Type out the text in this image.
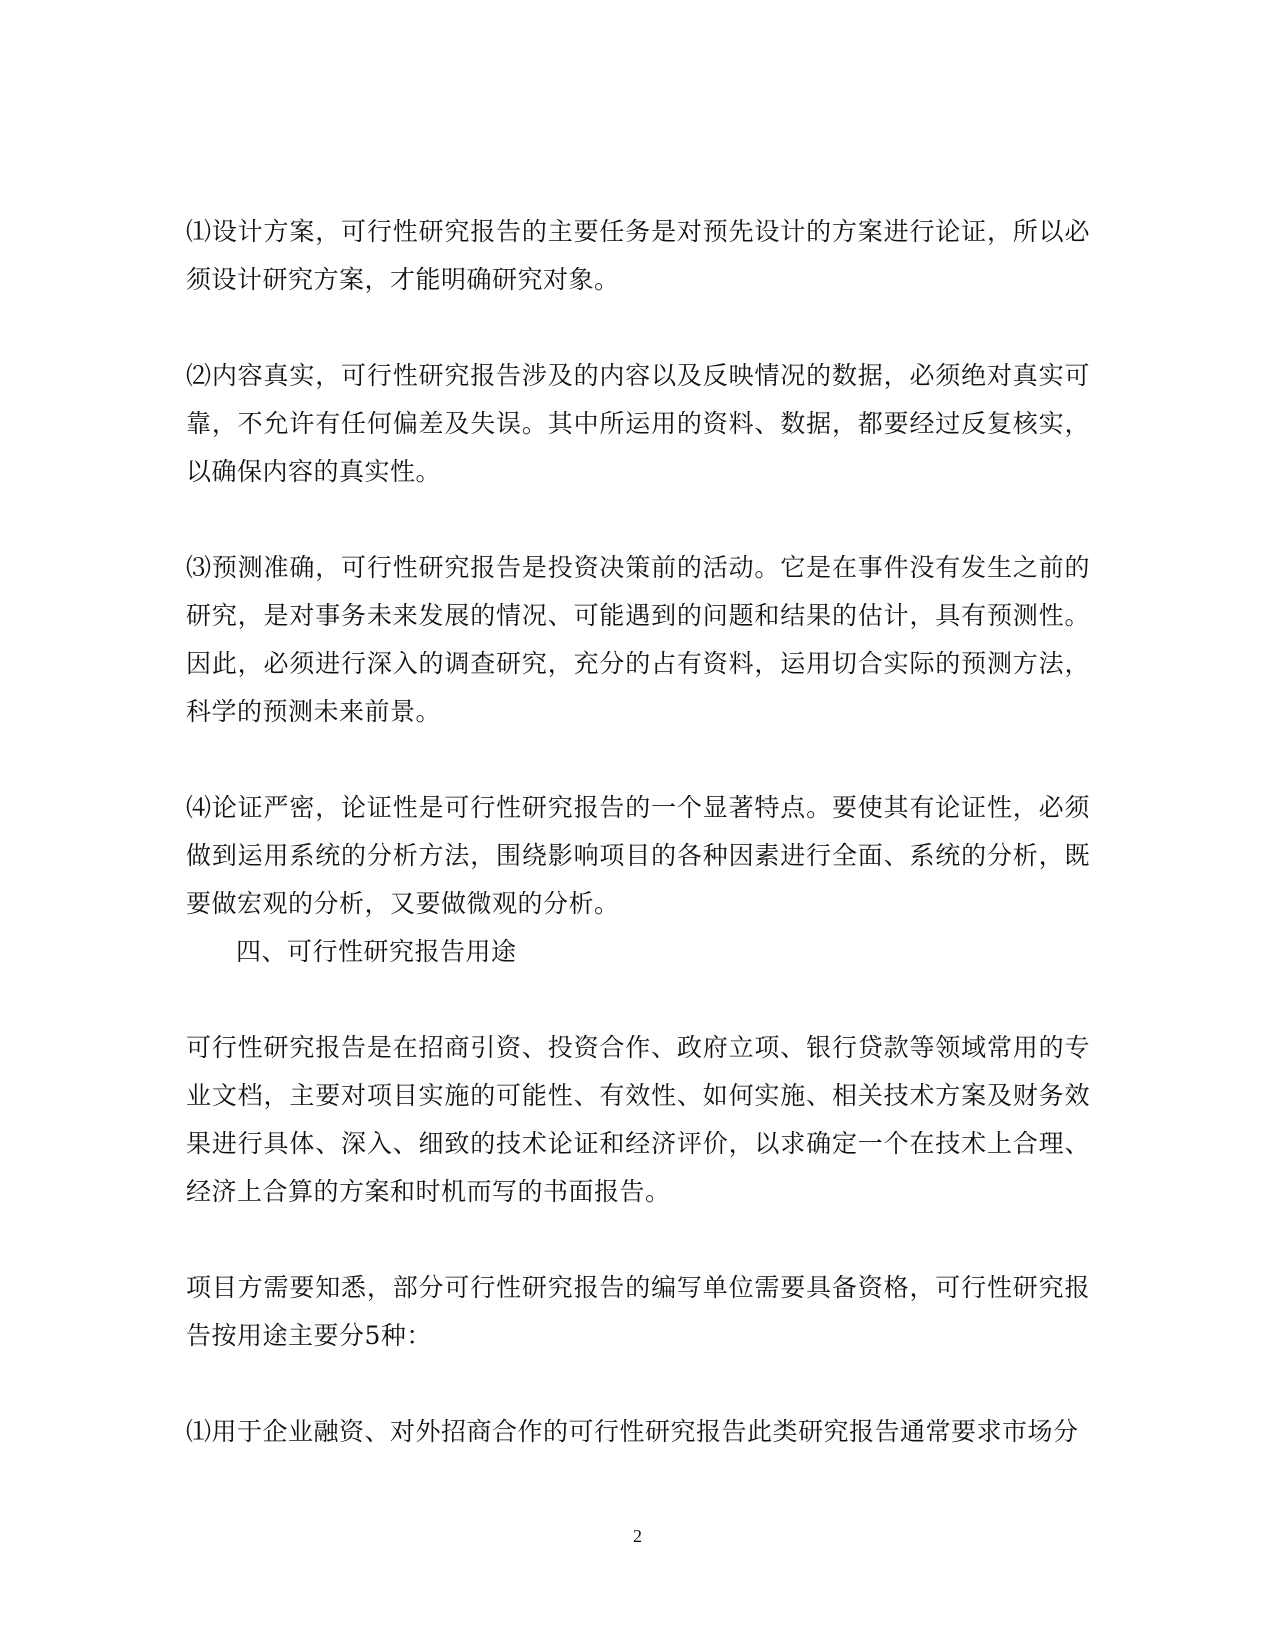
⑴设计方案，可行性研究报告的主要任务是对预先设计的方案进行论证，所以必须设计研究方案，才能明确研究对象。

⑵内容真实，可行性研究报告涉及的内容以及反映情况的数据，必须绝对真实可靠，不允许有任何偏差及失误。其中所运用的资料、数据，都要经过反复核实，以确保内容的真实性。

⑶预测准确，可行性研究报告是投资决策前的活动。它是在事件没有发生之前的研究，是对事务未来发展的情况、可能遇到的问题和结果的估计，具有预测性。因此，必须进行深入的调查研究，充分的占有资料，运用切合实际的预测方法，科学的预测未来前景。

⑷论证严密，论证性是可行性研究报告的一个显著特点。要使其有论证性，必须做到运用系统的分析方法，围绕影响项目的各种因素进行全面、系统的分析，既要做宏观的分析，又要做微观的分析。

四、可行性研究报告用途

可行性研究报告是在招商引资、投资合作、政府立项、银行贷款等领域常用的专业文档，主要对项目实施的可能性、有效性、如何实施、相关技术方案及财务效果进行具体、深入、细致的技术论证和经济评价，以求确定一个在技术上合理、经济上合算的方案和时机而写的书面报告。

项目方需要知悉，部分可行性研究报告的编写单位需要具备资格，可行性研究报告按用途主要分5种：

⑴用于企业融资、对外招商合作的可行性研究报告此类研究报告通常要求市场分

2
